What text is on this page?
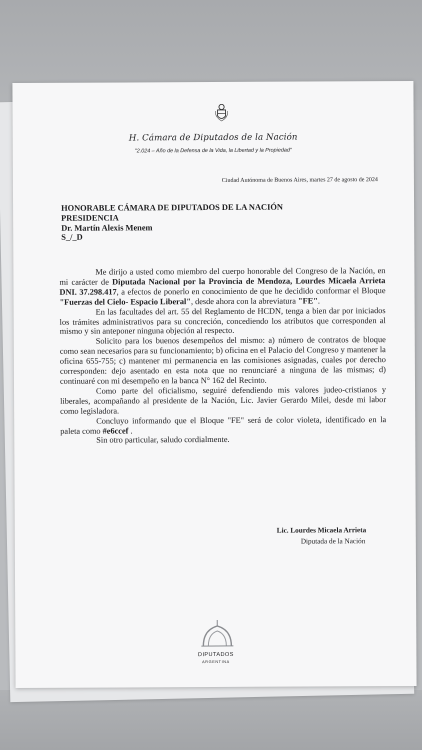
H. Cámara de Diputados de la Nación
"2.024 – Año de la Defensa de la Vida, la Libertad y la Propiedad"
Ciudad Autónoma de Buenos Aires, martes 27 de agosto de 2024
HONORABLE CÁMARA DE DIPUTADOS DE LA NACIÓN
PRESIDENCIA
Dr. Martín Alexis Menem
S_/_D

Me dirijo a usted como miembro del cuerpo honorable del Congreso de la Nación, en mi carácter de Diputada Nacional por la Provincia de Mendoza, Lourdes Micaela Arrieta DNI. 37.298.417, a efectos de ponerlo en conocimiento de que he decidido conformar el Bloque "Fuerzas del Cielo- Espacio Liberal", desde ahora con la abreviatura "FE".

En las facultades del art. 55 del Reglamento de HCDN, tenga a bien dar por iniciados los trámites administrativos para su concreción, concediendo los atributos que corresponden al mismo y sin anteponer ninguna objeción al respecto.

Solicito para los buenos desempeños del mismo: a) número de contratos de bloque como sean necesarios para su funcionamiento; b) oficina en el Palacio del Congreso y mantener la oficina 655-755; c) mantener mi permanencia en las comisiones asignadas, cuales por derecho corresponden: dejo asentado en esta nota que no renunciaré a ninguna de las mismas; d) continuaré con mi desempeño en la banca N° 162 del Recinto.

Como parte del oficialismo, seguiré defendiendo mis valores judeo-cristianos y liberales, acompañando al presidente de la Nación, Lic. Javier Gerardo Milei, desde mi labor como legisladora.

Concluyo informando que el Bloque "FE" será de color violeta, identificado en la paleta como #e6ccef .

Sin otro particular, saludo cordialmente.

Lic. Lourdes Micaela Arrieta
Diputada de la Nación
DIPUTADOS
ARGENTINA
